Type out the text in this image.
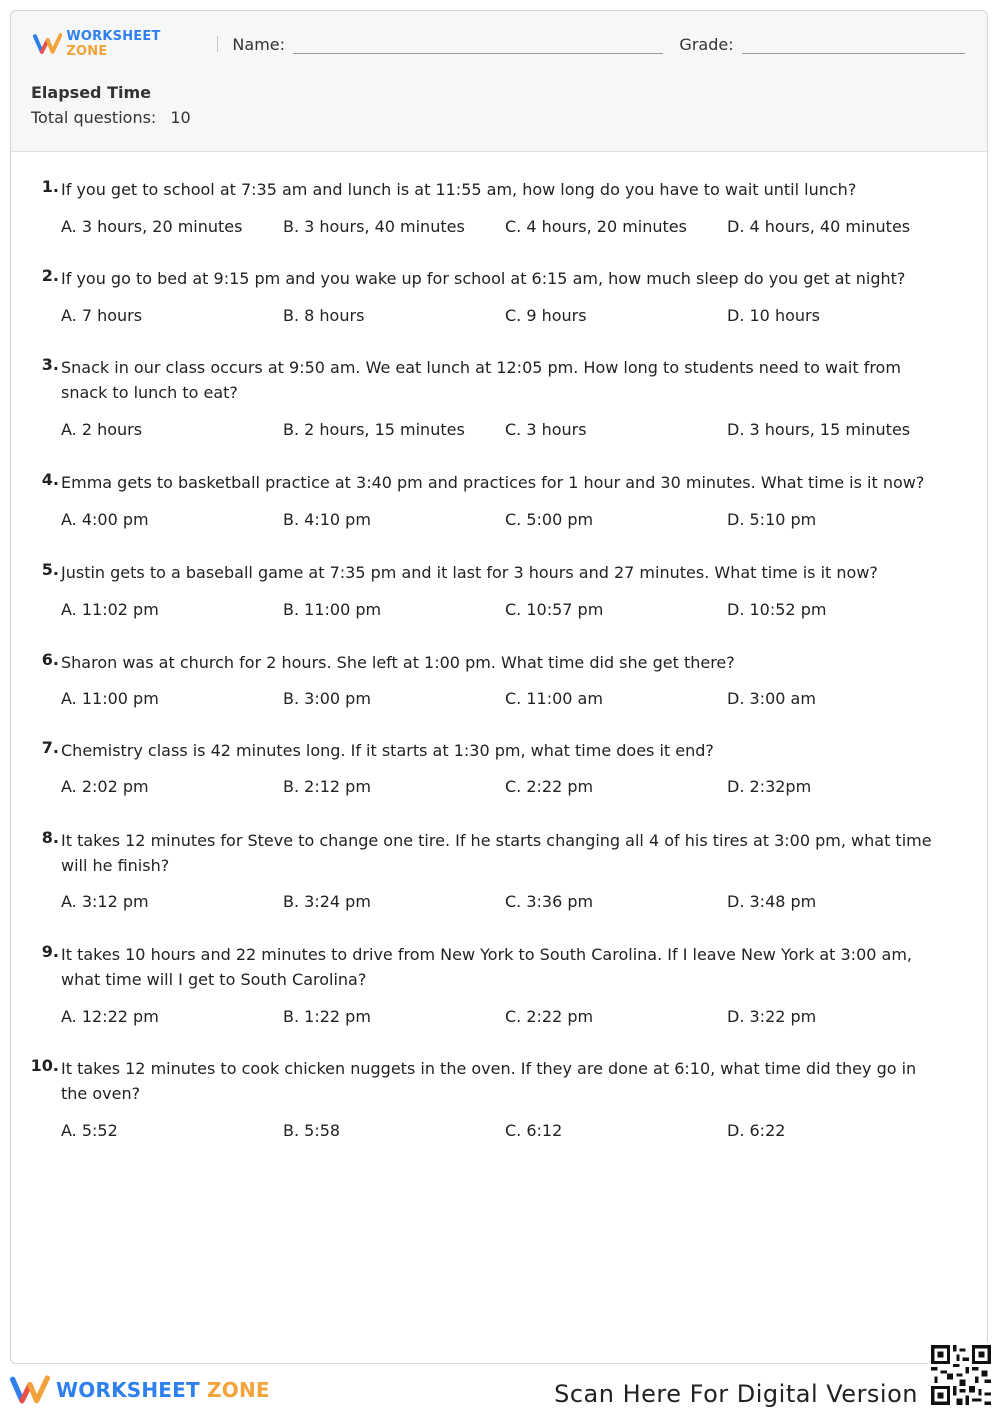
WORKSHEET ZONE	Name:	Grade:
Elapsed Time
Total questions: 10
1. If you get to school at 7:35 am and lunch is at 11:55 am, how long do you have to wait until lunch?
A. 3 hours, 20 minutes	B. 3 hours, 40 minutes	C. 4 hours, 20 minutes	D. 4 hours, 40 minutes
2. If you go to bed at 9:15 pm and you wake up for school at 6:15 am, how much sleep do you get at night?
A. 7 hours	B. 8 hours	C. 9 hours	D. 10 hours
3. Snack in our class occurs at 9:50 am. We eat lunch at 12:05 pm. How long to students need to wait from snack to lunch to eat?
A. 2 hours	B. 2 hours, 15 minutes	C. 3 hours	D. 3 hours, 15 minutes
4. Emma gets to basketball practice at 3:40 pm and practices for 1 hour and 30 minutes. What time is it now?
A. 4:00 pm	B. 4:10 pm	C. 5:00 pm	D. 5:10 pm
5. Justin gets to a baseball game at 7:35 pm and it last for 3 hours and 27 minutes. What time is it now?
A. 11:02 pm	B. 11:00 pm	C. 10:57 pm	D. 10:52 pm
6. Sharon was at church for 2 hours. She left at 1:00 pm. What time did she get there?
A. 11:00 pm	B. 3:00 pm	C. 11:00 am	D. 3:00 am
7. Chemistry class is 42 minutes long. If it starts at 1:30 pm, what time does it end?
A. 2:02 pm	B. 2:12 pm	C. 2:22 pm	D. 2:32pm
8. It takes 12 minutes for Steve to change one tire. If he starts changing all 4 of his tires at 3:00 pm, what time will he finish?
A. 3:12 pm	B. 3:24 pm	C. 3:36 pm	D. 3:48 pm
9. It takes 10 hours and 22 minutes to drive from New York to South Carolina. If I leave New York at 3:00 am, what time will I get to South Carolina?
A. 12:22 pm	B. 1:22 pm	C. 2:22 pm	D. 3:22 pm
10. It takes 12 minutes to cook chicken nuggets in the oven. If they are done at 6:10, what time did they go in the oven?
A. 5:52	B. 5:58	C. 6:12	D. 6:22
WORKSHEET ZONE	Scan Here For Digital Version
